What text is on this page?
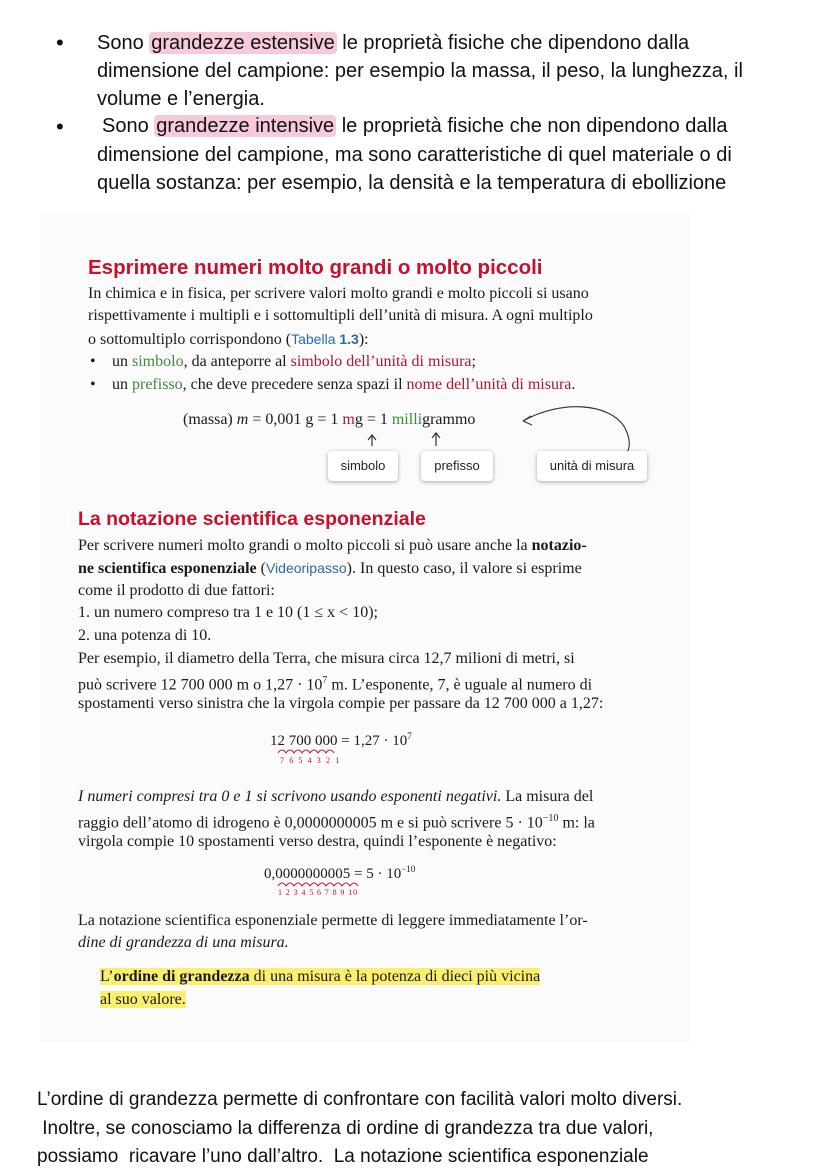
• Sono grandezze estensive le proprietà fisiche che dipendono dalla
dimensione del campione: per esempio la massa, il peso, la lunghezza, il
volume e l’energia.
• Sono grandezze intensive le proprietà fisiche che non dipendono dalla
dimensione del campione, ma sono caratteristiche di quel materiale o di
quella sostanza: per esempio, la densità e la temperatura di ebollizione
Esprimere numeri molto grandi o molto piccoli
In chimica e in fisica, per scrivere valori molto grandi e molto piccoli si usano
rispettivamente i multipli e i sottomultipli dell’unità di misura. A ogni multiplo
o sottomultiplo corrispondono (Tabella 1.3):
• un simbolo, da anteporre al simbolo dell’unità di misura;
• un prefisso, che deve precedere senza spazi il nome dell’unità di misura.
(massa) m = 0,001 g = 1 mg = 1 milligrammo
simbolo	prefisso	unità di misura
La notazione scientifica esponenziale
Per scrivere numeri molto grandi o molto piccoli si può usare anche la notazio-
ne scientifica esponenziale (Videoripasso). In questo caso, il valore si esprime
come il prodotto di due fattori:
1. un numero compreso tra 1 e 10 (1 ≤ x < 10);
2. una potenza di 10.
Per esempio, il diametro della Terra, che misura circa 12,7 milioni di metri, si
può scrivere 12 700 000 m o $1,27 \cdot 10^7$ m. L’esponente, 7, è uguale al numero di
spostamenti verso sinistra che la virgola compie per passare da 12 700 000 a 1,27:
12 700 $000 = 1,27 \cdot 10^7$
7 6 5 4 3 2 1
I numeri compresi tra 0 e 1 si scrivono usando esponenti negativi. La misura del
raggio dell’atomo di idrogeno è 0,0000000005 m e si può scrivere $5 \cdot 10^{-10}$ m: la
virgola compie 10 spostamenti verso destra, quindi l’esponente è negativo:
$0,0000000005 = 5 \cdot 10^{-10}$
1 2 3 4 5 6 7 8 9 10
La notazione scientifica esponenziale permette di leggere immediatamente l’or-
dine di grandezza di una misura.
L’ordine di grandezza di una misura è la potenza di dieci più vicina
al suo valore.
L’ordine di grandezza permette di confrontare con facilità valori molto diversi.
Inoltre, se conosciamo la differenza di ordine di grandezza tra due valori,
possiamo  ricavare l’uno dall’altro.  La notazione scientifica esponenziale
